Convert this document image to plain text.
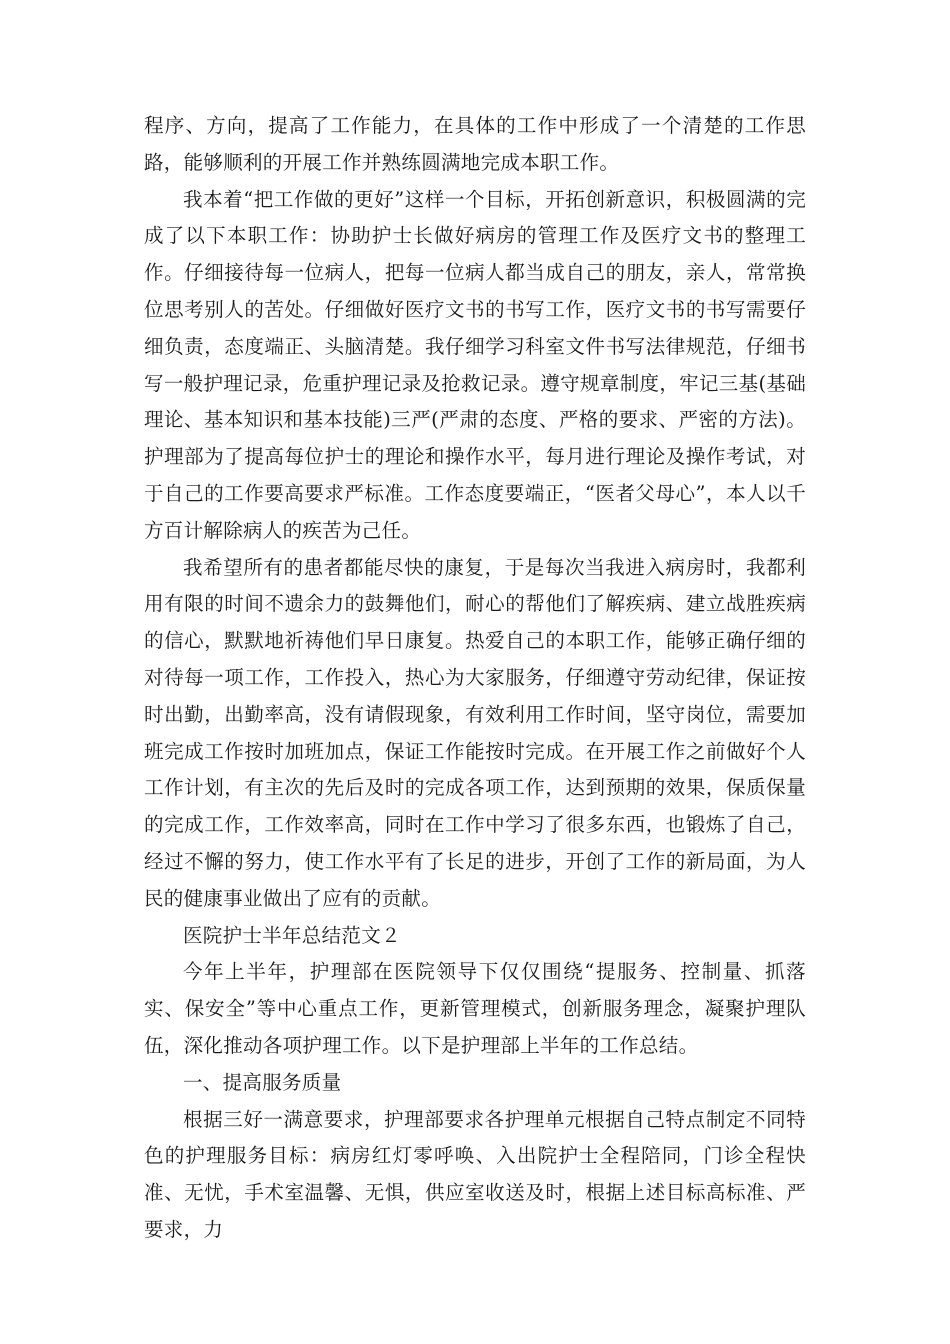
程序、方向，提高了工作能力，在具体的工作中形成了一个清楚的工作思路，能够顺利的开展工作并熟练圆满地完成本职工作。

我本着“把工作做的更好”这样一个目标，开拓创新意识，积极圆满的完成了以下本职工作：协助护士长做好病房的管理工作及医疗文书的整理工作。仔细接待每一位病人，把每一位病人都当成自己的朋友，亲人，常常换位思考别人的苦处。仔细做好医疗文书的书写工作，医疗文书的书写需要仔细负责，态度端正、头脑清楚。我仔细学习科室文件书写法律规范，仔细书写一般护理记录，危重护理记录及抢救记录。遵守规章制度，牢记三基(基础理论、基本知识和基本技能)三严(严肃的态度、严格的要求、严密的方法)。护理部为了提高每位护士的理论和操作水平，每月进行理论及操作考试，对于自己的工作要高要求严标准。工作态度要端正，“医者父母心”，本人以千方百计解除病人的疾苦为己任。

我希望所有的患者都能尽快的康复，于是每次当我进入病房时，我都利用有限的时间不遗余力的鼓舞他们，耐心的帮他们了解疾病、建立战胜疾病的信心，默默地祈祷他们早日康复。热爱自己的本职工作，能够正确仔细的对待每一项工作，工作投入，热心为大家服务，仔细遵守劳动纪律，保证按时出勤，出勤率高，没有请假现象，有效利用工作时间，坚守岗位，需要加班完成工作按时加班加点，保证工作能按时完成。在开展工作之前做好个人工作计划，有主次的先后及时的完成各项工作，达到预期的效果，保质保量的完成工作，工作效率高，同时在工作中学习了很多东西，也锻炼了自己，经过不懈的努力，使工作水平有了长足的进步，开创了工作的新局面，为人民的健康事业做出了应有的贡献。

医院护士半年总结范文２

今年上半年，护理部在医院领导下仅仅围绕“提服务、控制量、抓落实、保安全”等中心重点工作，更新管理模式，创新服务理念，凝聚护理队伍，深化推动各项护理工作。以下是护理部上半年的工作总结。

一、提高服务质量

根据三好一满意要求，护理部要求各护理单元根据自己特点制定不同特色的护理服务目标：病房红灯零呼唤、入出院护士全程陪同，门诊全程快准、无忧，手术室温馨、无惧，供应室收送及时，根据上述目标高标准、严要求，力
